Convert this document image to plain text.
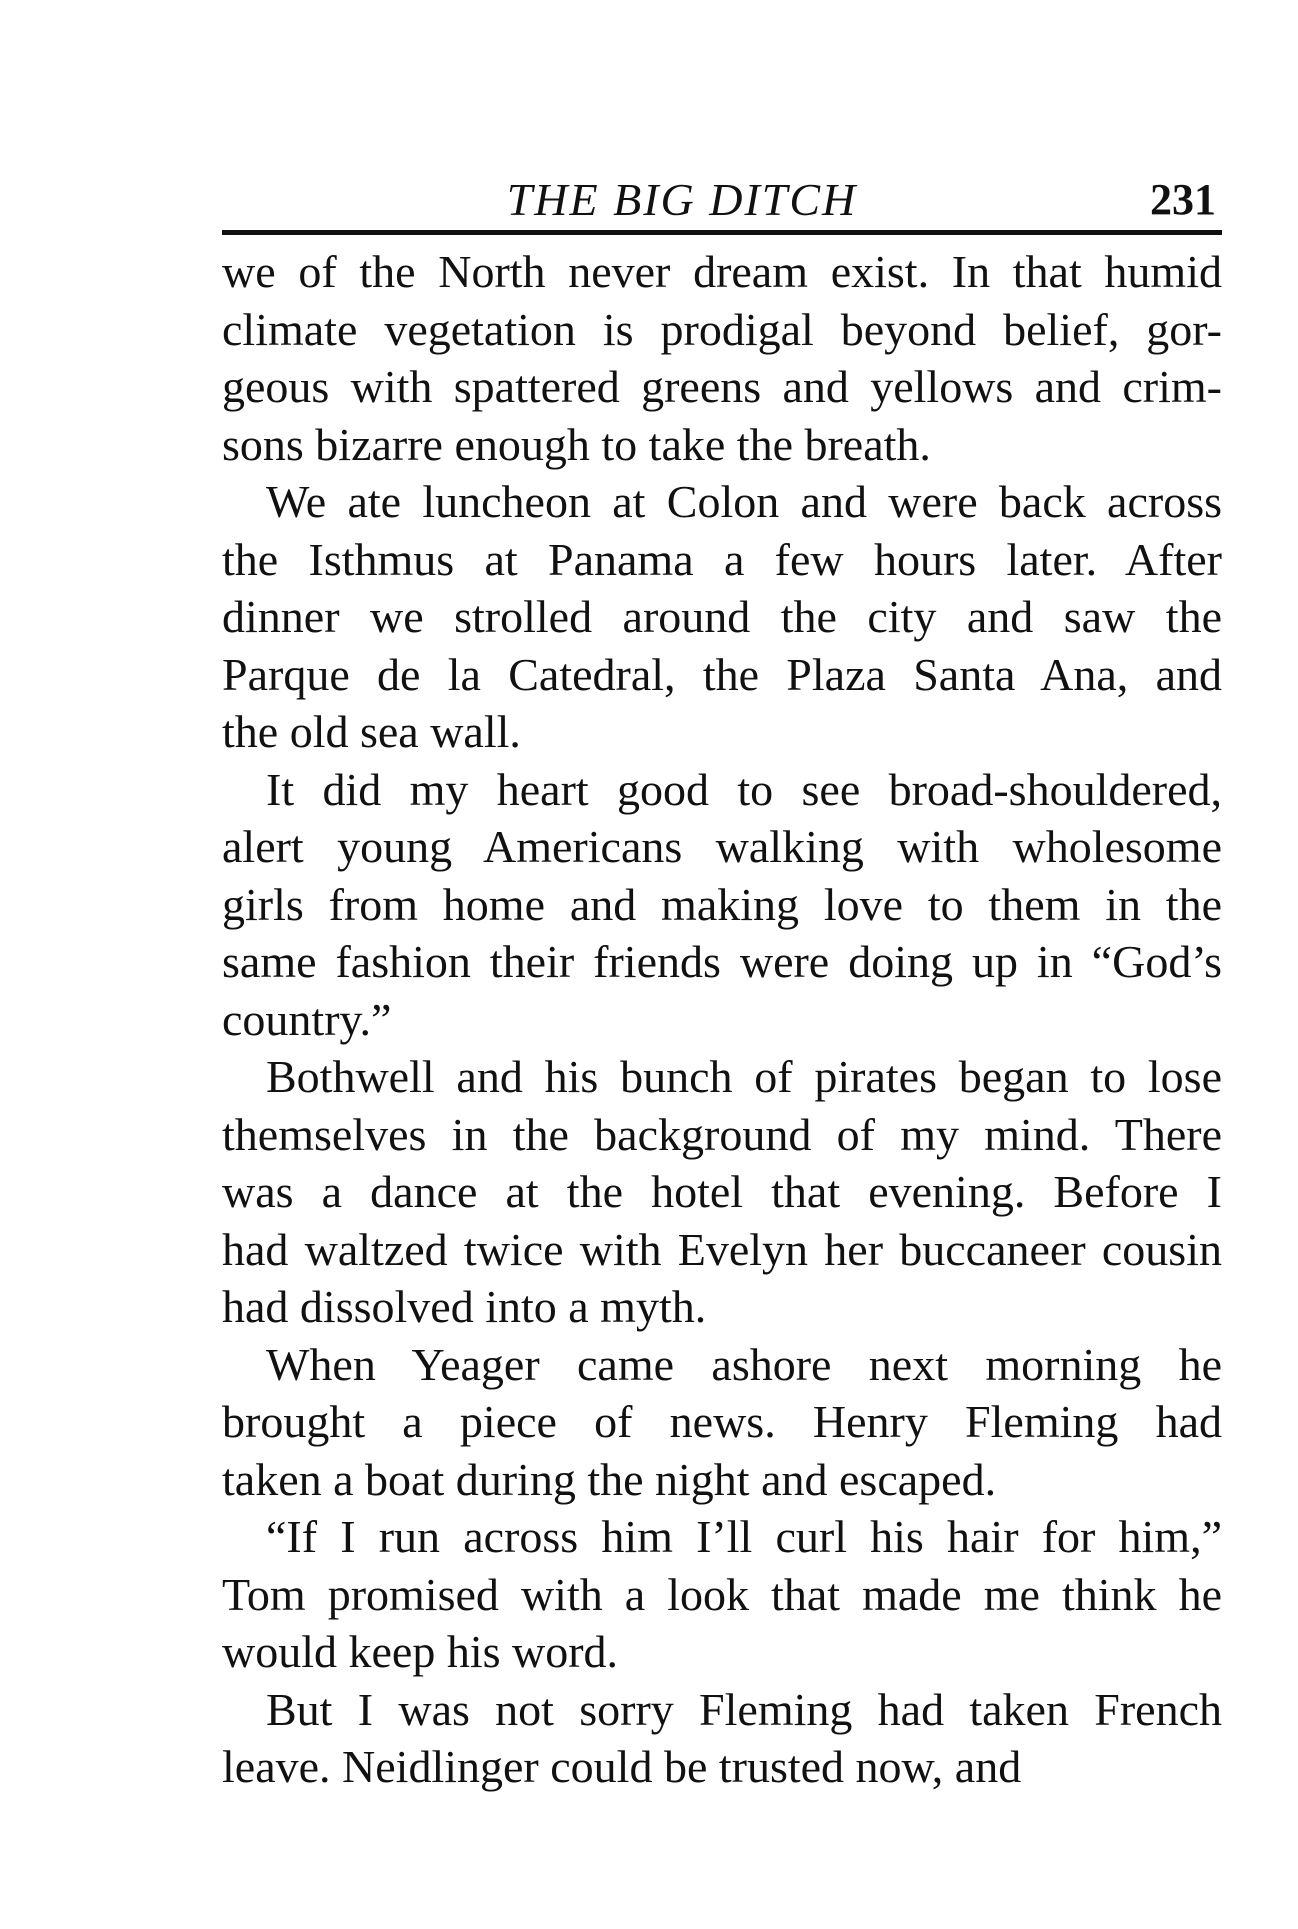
THE BIG DITCH	231
we of the North never dream exist. In that humid
climate vegetation is prodigal beyond belief, gor-
geous with spattered greens and yellows and crim-
sons bizarre enough to take the breath.
We ate luncheon at Colon and were back across
the Isthmus at Panama a few hours later. After
dinner we strolled around the city and saw the
Parque de la Catedral, the Plaza Santa Ana, and
the old sea wall.
It did my heart good to see broad-shouldered,
alert young Americans walking with wholesome
girls from home and making love to them in the
same fashion their friends were doing up in “God’s
country.”
Bothwell and his bunch of pirates began to lose
themselves in the background of my mind. There
was a dance at the hotel that evening. Before I
had waltzed twice with Evelyn her buccaneer cousin
had dissolved into a myth.
When Yeager came ashore next morning he
brought a piece of news. Henry Fleming had
taken a boat during the night and escaped.
“If I run across him I’ll curl his hair for him,”
Tom promised with a look that made me think he
would keep his word.
But I was not sorry Fleming had taken French
leave. Neidlinger could be trusted now, and
